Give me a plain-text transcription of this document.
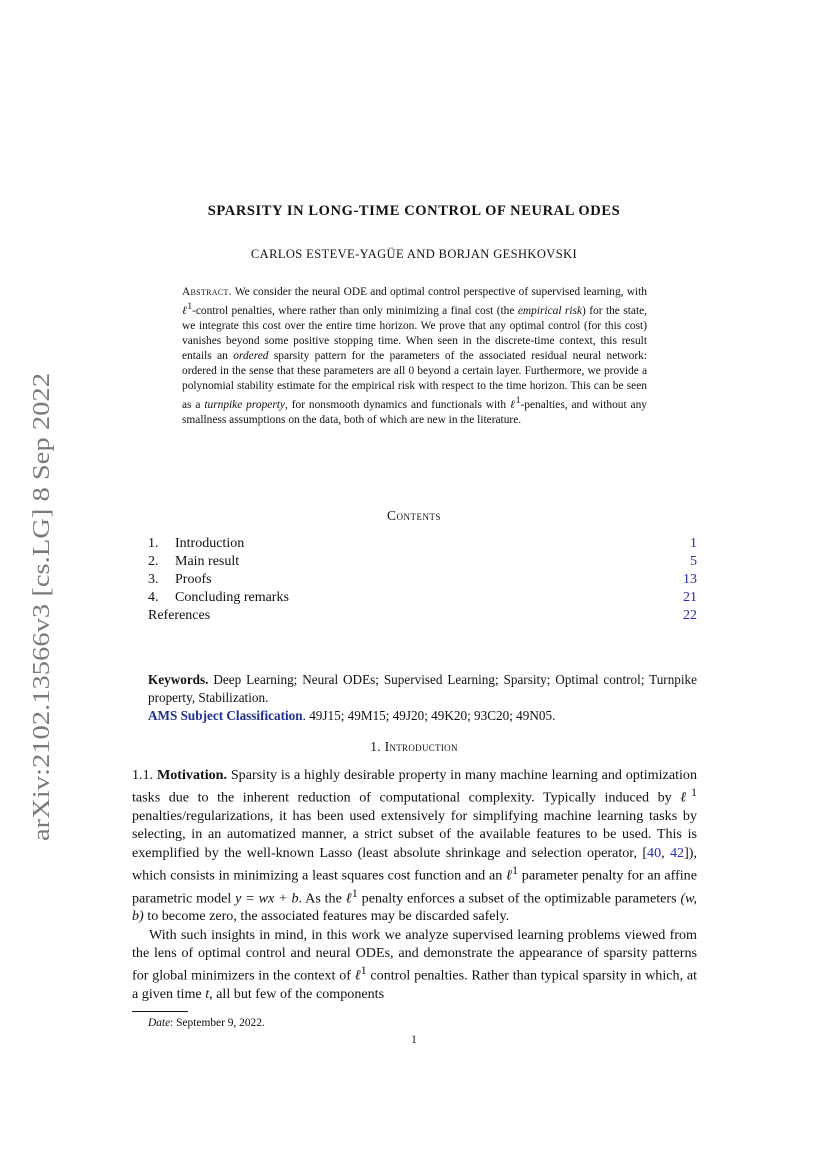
arXiv:2102.13566v3 [cs.LG] 8 Sep 2022
SPARSITY IN LONG-TIME CONTROL OF NEURAL ODES
CARLOS ESTEVE-YAGÜE AND BORJAN GESHKOVSKI

Abstract. We consider the neural ODE and optimal control perspective of supervised learning, with ℓ$^1$-control penalties, where rather than only minimizing a final cost (the empirical risk) for the state, we integrate this cost over the entire time horizon. We prove that any optimal control (for this cost) vanishes beyond some positive stopping time. When seen in the discrete-time context, this result entails an ordered sparsity pattern for the parameters of the associated residual neural network: ordered in the sense that these parameters are all 0 beyond a certain layer. Furthermore, we provide a polynomial stability estimate for the empirical risk with respect to the time horizon. This can be seen as a turnpike property, for nonsmooth dynamics and functionals with ℓ$^1$-penalties, and without any smallness assumptions on the data, both of which are new in the literature.

Contents
1. Introduction	1
2. Main result	5
3. Proofs	13
4. Concluding remarks	21
References	22

Keywords. Deep Learning; Neural ODEs; Supervised Learning; Sparsity; Optimal control; Turnpike property, Stabilization.

AMS Subject Classification. 49J15; 49M15; 49J20; 49K20; 93C20; 49N05.

1. Introduction

1.1. Motivation. Sparsity is a highly desirable property in many machine learning and optimization tasks due to the inherent reduction of computational complexity. Typically induced by ℓ$^1$ penalties/regularizations, it has been used extensively for simplifying machine learning tasks by selecting, in an automatized manner, a strict subset of the available features to be used. This is exemplified by the well-known Lasso (least absolute shrinkage and selection operator, [40, 42]), which consists in minimizing a least squares cost function and an ℓ$^1$ parameter penalty for an affine parametric model y = wx + b. As the ℓ$^1$ penalty enforces a subset of the optimizable parameters (w, b) to become zero, the associated features may be discarded safely.

With such insights in mind, in this work we analyze supervised learning problems viewed from the lens of optimal control and neural ODEs, and demonstrate the appearance of sparsity patterns for global minimizers in the context of ℓ$^1$ control penalties. Rather than typical sparsity in which, at a given time t, all but few of the components

Date: September 9, 2022.
1
